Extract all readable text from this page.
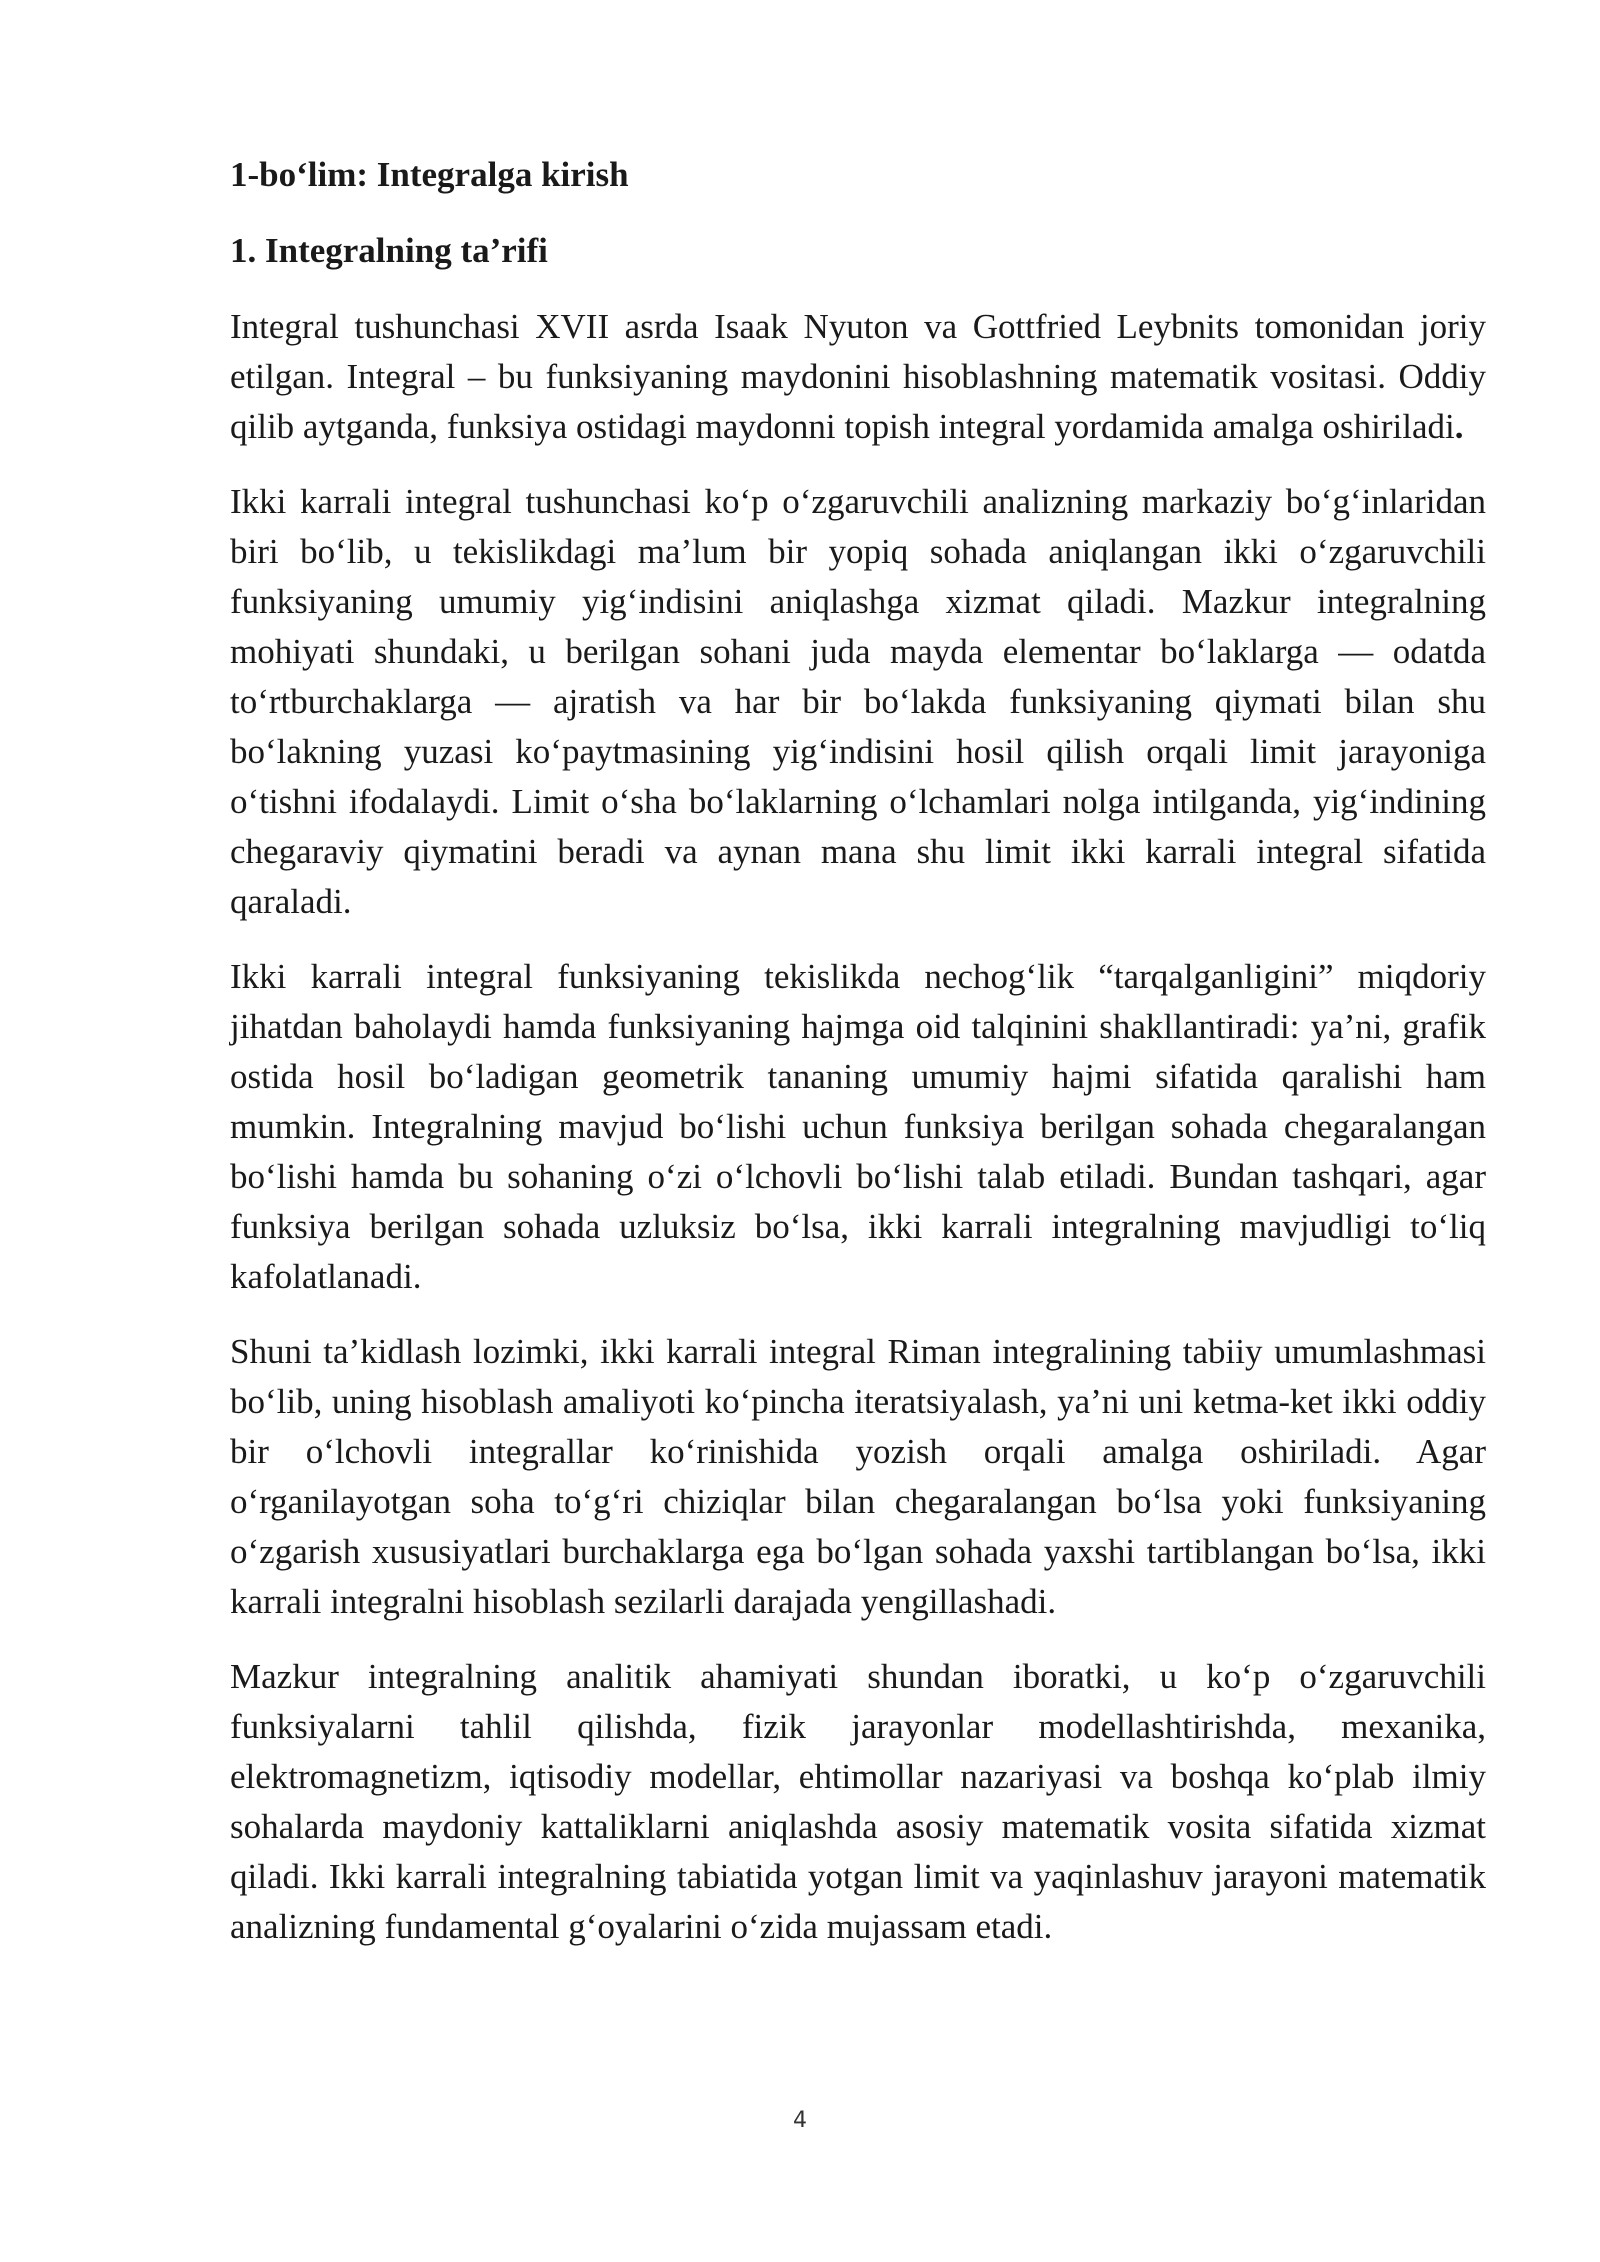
1-bo‘lim: Integralga kirish
1. Integralning ta’rifi

Integral tushunchasi XVII asrda Isaak Nyuton va Gottfried Leybnits tomonidan joriy etilgan. Integral – bu funksiyaning maydonini hisoblashning matematik vositasi. Oddiy qilib aytganda, funksiya ostidagi maydonni topish integral yordamida amalga oshiriladi.

Ikki karrali integral tushunchasi ko‘p o‘zgaruvchili analizning markaziy bo‘g‘inlaridan biri bo‘lib, u tekislikdagi ma’lum bir yopiq sohada aniqlangan ikki o‘zgaruvchili funksiyaning umumiy yig‘indisini aniqlashga xizmat qiladi. Mazkur integralning mohiyati shundaki, u berilgan sohani juda mayda elementar bo‘laklarga — odatda to‘rtburchaklarga — ajratish va har bir bo‘lakda funksiyaning qiymati bilan shu bo‘lakning yuzasi ko‘paytmasining yig‘indisini hosil qilish orqali limit jarayoniga o‘tishni ifodalaydi. Limit o‘sha bo‘laklarning o‘lchamlari nolga intilganda, yig‘indining chegaraviy qiymatini beradi va aynan mana shu limit ikki karrali integral sifatida qaraladi.

Ikki karrali integral funksiyaning tekislikda nechog‘lik “tarqalganligini” miqdoriy jihatdan baholaydi hamda funksiyaning hajmga oid talqinini shakllantiradi: ya’ni, grafik ostida hosil bo‘ladigan geometrik tananing umumiy hajmi sifatida qaralishi ham mumkin. Integralning mavjud bo‘lishi uchun funksiya berilgan sohada chegaralangan bo‘lishi hamda bu sohaning o‘zi o‘lchovli bo‘lishi talab etiladi. Bundan tashqari, agar funksiya berilgan sohada uzluksiz bo‘lsa, ikki karrali integralning mavjudligi to‘liq kafolatlanadi.

Shuni ta’kidlash lozimki, ikki karrali integral Riman integralining tabiiy umumlashmasi bo‘lib, uning hisoblash amaliyoti ko‘pincha iteratsiyalash, ya’ni uni ketma-ket ikki oddiy bir o‘lchovli integrallar ko‘rinishida yozish orqali amalga oshiriladi. Agar o‘rganilayotgan soha to‘g‘ri chiziqlar bilan chegaralangan bo‘lsa yoki funksiyaning o‘zgarish xususiyatlari burchaklarga ega bo‘lgan sohada yaxshi tartiblangan bo‘lsa, ikki karrali integralni hisoblash sezilarli darajada yengillashadi.

Mazkur integralning analitik ahamiyati shundan iboratki, u ko‘p o‘zgaruvchili funksiyalarni tahlil qilishda, fizik jarayonlar modellashtirishda, mexanika, elektromagnetizm, iqtisodiy modellar, ehtimollar nazariyasi va boshqa ko‘plab ilmiy sohalarda maydoniy kattaliklarni aniqlashda asosiy matematik vosita sifatida xizmat qiladi. Ikki karrali integralning tabiatida yotgan limit va yaqinlashuv jarayoni matematik analizning fundamental g‘oyalarini o‘zida mujassam etadi.

4
